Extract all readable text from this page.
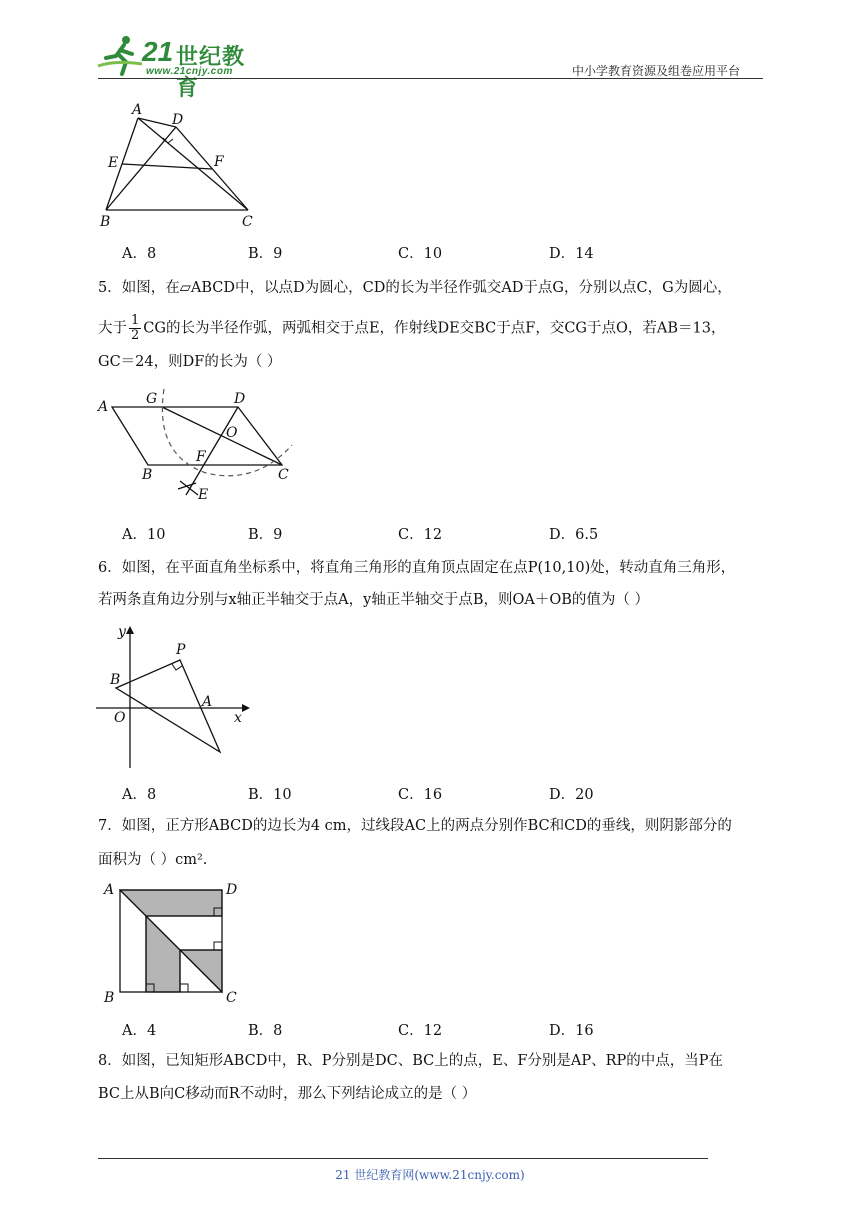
21 世纪教育
www.21cnjy.com	中小学教育资源及组卷应用平台
A
D
E	F
B	C
A．8	B．9	C．10	D．14
5．如图，在▱ABCD中，以点D为圆心，CD的长为半径作弧交AD于点G，分别以点C，G为圆心，
大于 $\frac{1}{2}$ CG的长为半径作弧，两弧相交于点E，作射线DE交BC于点F，交CG于点O，若AB＝13，
GC＝24，则DF的长为（ ）
A	G	D
O
B
F
C
E
A．10	B．9	C．12	D．6.5
6．如图，在平面直角坐标系中，将直角三角形的直角顶点固定在点P(10,10)处，转动直角三角形，
若两条直角边分别与x轴正半轴交于点A，y轴正半轴交于点B，则OA＋OB的值为（ ）
y
P
B
A
O	x
A．8	B．10	C．16	D．20
7．如图，正方形ABCD的边长为4 cm，过线段AC上的两点分别作BC和CD的垂线，则阴影部分的
面积为（ ）cm².
A	D
B	C
A．4	B．8	C．12	D．16
8．如图，已知矩形ABCD中，R、P分别是DC、BC上的点，E、F分别是AP、RP的中点，当P在
BC上从B向C移动而R不动时，那么下列结论成立的是（ ）
21 世纪教育网(www.21cnjy.com)
